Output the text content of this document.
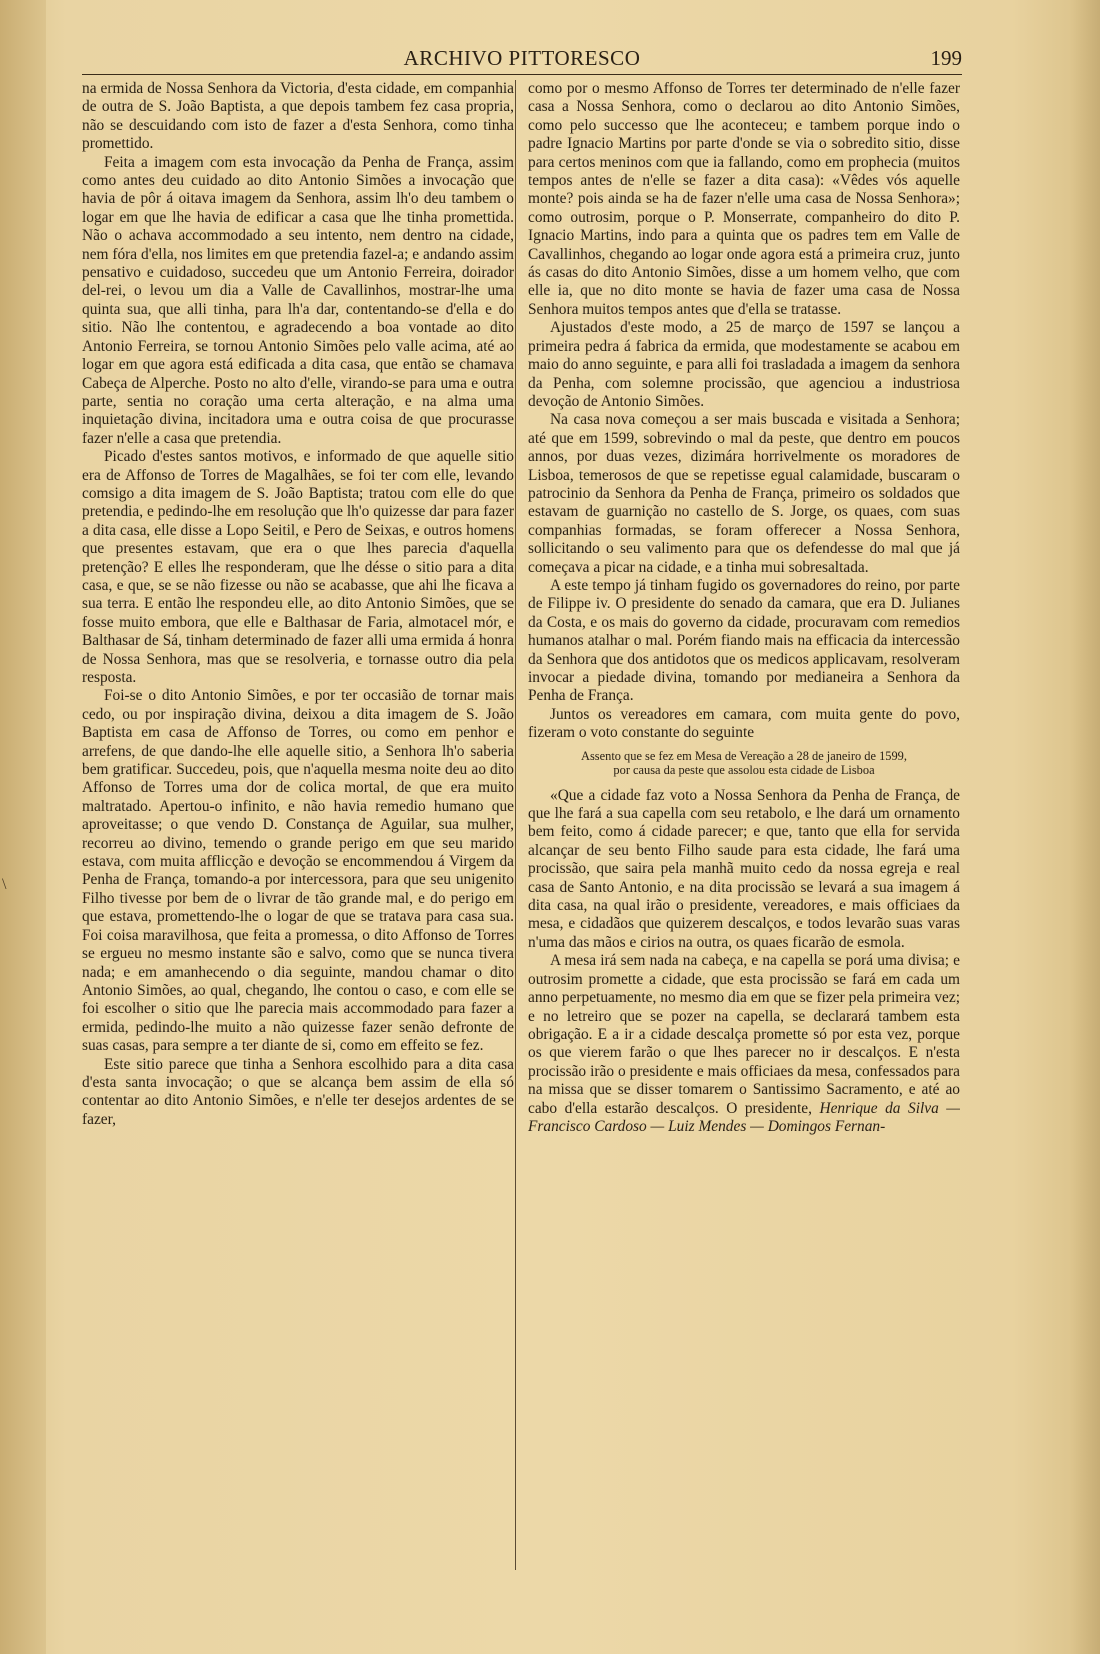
\
ARCHIVO PITTORESCO	199

na ermida de Nossa Senhora da Victoria, d'esta cidade, em companhia de outra de S. João Baptista, a que depois tambem fez casa propria, não se descuidando com isto de fazer a d'esta Senhora, como tinha promettido.

Feita a imagem com esta invocação da Penha de França, assim como antes deu cuidado ao dito Antonio Simões a invocação que havia de pôr á oitava imagem da Senhora, assim lh'o deu tambem o logar em que lhe havia de edificar a casa que lhe tinha promettida. Não o achava accommodado a seu intento, nem dentro na cidade, nem fóra d'ella, nos limites em que pretendia fazel-a; e andando assim pensativo e cuidadoso, succedeu que um Antonio Ferreira, doirador del-rei, o levou um dia a Valle de Cavallinhos, mostrar-lhe uma quinta sua, que alli tinha, para lh'a dar, contentando-se d'ella e do sitio. Não lhe contentou, e agradecendo a boa vontade ao dito Antonio Ferreira, se tornou Antonio Simões pelo valle acima, até ao logar em que agora está edificada a dita casa, que então se chamava Cabeça de Alperche. Posto no alto d'elle, virando-se para uma e outra parte, sentia no coração uma certa alteração, e na alma uma inquietação divina, incitadora uma e outra coisa de que procurasse fazer n'elle a casa que pretendia.

Picado d'estes santos motivos, e informado de que aquelle sitio era de Affonso de Torres de Magalhães, se foi ter com elle, levando comsigo a dita imagem de S. João Baptista; tratou com elle do que pretendia, e pedindo-lhe em resolução que lh'o quizesse dar para fazer a dita casa, elle disse a Lopo Seitil, e Pero de Seixas, e outros homens que presentes estavam, que era o que lhes parecia d'aquella pretenção? E elles lhe responderam, que lhe désse o sitio para a dita casa, e que, se se não fizesse ou não se acabasse, que ahi lhe ficava a sua terra. E então lhe respondeu elle, ao dito Antonio Simões, que se fosse muito embora, que elle e Balthasar de Faria, almotacel mór, e Balthasar de Sá, tinham determinado de fazer alli uma ermida á honra de Nossa Senhora, mas que se resolveria, e tornasse outro dia pela resposta.

Foi-se o dito Antonio Simões, e por ter occasião de tornar mais cedo, ou por inspiração divina, deixou a dita imagem de S. João Baptista em casa de Affonso de Torres, ou como em penhor e arrefens, de que dando-lhe elle aquelle sitio, a Senhora lh'o saberia bem gratificar. Succedeu, pois, que n'aquella mesma noite deu ao dito Affonso de Torres uma dor de colica mortal, de que era muito maltratado. Apertou-o infinito, e não havia remedio humano que aproveitasse; o que vendo D. Constança de Aguilar, sua mulher, recorreu ao divino, temendo o grande perigo em que seu marido estava, com muita afflicção e devoção se encommendou á Virgem da Penha de França, tomando-a por intercessora, para que seu unigenito Filho tivesse por bem de o livrar de tão grande mal, e do perigo em que estava, promettendo-lhe o logar de que se tratava para casa sua. Foi coisa maravilhosa, que feita a promessa, o dito Affonso de Torres se ergueu no mesmo instante são e salvo, como que se nunca tivera nada; e em amanhecendo o dia seguinte, mandou chamar o dito Antonio Simões, ao qual, chegando, lhe contou o caso, e com elle se foi escolher o sitio que lhe parecia mais accommodado para fazer a ermida, pedindo-lhe muito a não quizesse fazer senão defronte de suas casas, para sempre a ter diante de si, como em effeito se fez.

Este sitio parece que tinha a Senhora escolhido para a dita casa d'esta santa invocação; o que se alcança bem assim de ella só contentar ao dito Antonio Simões, e n'elle ter desejos ardentes de se fazer,

como por o mesmo Affonso de Torres ter determinado de n'elle fazer casa a Nossa Senhora, como o declarou ao dito Antonio Simões, como pelo successo que lhe aconteceu; e tambem porque indo o padre Ignacio Martins por parte d'onde se via o sobredito sitio, disse para certos meninos com que ia fallando, como em prophecia (muitos tempos antes de n'elle se fazer a dita casa): «Vêdes vós aquelle monte? pois ainda se ha de fazer n'elle uma casa de Nossa Senhora»; como outrosim, porque o P. Monserrate, companheiro do dito P. Ignacio Martins, indo para a quinta que os padres tem em Valle de Cavallinhos, chegando ao logar onde agora está a primeira cruz, junto ás casas do dito Antonio Simões, disse a um homem velho, que com elle ia, que no dito monte se havia de fazer uma casa de Nossa Senhora muitos tempos antes que d'ella se tratasse.

Ajustados d'este modo, a 25 de março de 1597 se lançou a primeira pedra á fabrica da ermida, que modestamente se acabou em maio do anno seguinte, e para alli foi trasladada a imagem da senhora da Penha, com solemne procissão, que agenciou a industriosa devoção de Antonio Simões.

Na casa nova começou a ser mais buscada e visitada a Senhora; até que em 1599, sobrevindo o mal da peste, que dentro em poucos annos, por duas vezes, dizimára horrivelmente os moradores de Lisboa, temerosos de que se repetisse egual calamidade, buscaram o patrocinio da Senhora da Penha de França, primeiro os soldados que estavam de guarnição no castello de S. Jorge, os quaes, com suas companhias formadas, se foram offerecer a Nossa Senhora, sollicitando o seu valimento para que os defendesse do mal que já começava a picar na cidade, e a tinha mui sobresaltada.

A este tempo já tinham fugido os governadores do reino, por parte de Filippe iv. O presidente do senado da camara, que era D. Julianes da Costa, e os mais do governo da cidade, procuravam com remedios humanos atalhar o mal. Porém fiando mais na efficacia da intercessão da Senhora que dos antidotos que os medicos applicavam, resolveram invocar a piedade divina, tomando por medianeira a Senhora da Penha de França.

Juntos os vereadores em camara, com muita gente do povo, fizeram o voto constante do seguinte

Assento que se fez em Mesa de Vereação a 28 de janeiro de 1599,
por causa da peste que assolou esta cidade de Lisboa

«Que a cidade faz voto a Nossa Senhora da Penha de França, de que lhe fará a sua capella com seu retabolo, e lhe dará um ornamento bem feito, como á cidade parecer; e que, tanto que ella for servida alcançar de seu bento Filho saude para esta cidade, lhe fará uma procissão, que saira pela manhã muito cedo da nossa egreja e real casa de Santo Antonio, e na dita procissão se levará a sua imagem á dita casa, na qual irão o presidente, vereadores, e mais officiaes da mesa, e cidadãos que quizerem descalços, e todos levarão suas varas n'uma das mãos e cirios na outra, os quaes ficarão de esmola.

A mesa irá sem nada na cabeça, e na capella se porá uma divisa; e outrosim promette a cidade, que esta procissão se fará em cada um anno perpetuamente, no mesmo dia em que se fizer pela primeira vez; e no letreiro que se pozer na capella, se declarará tambem esta obrigação. E a ir a cidade descalça promette só por esta vez, porque os que vierem farão o que lhes parecer no ir descalços. E n'esta procissão irão o presidente e mais officiaes da mesa, confessados para na missa que se disser tomarem o Santissimo Sacramento, e até ao cabo d'ella estarão descalços. O presidente, Henrique da Silva — Francisco Cardoso — Luiz Mendes — Domingos Fernan-
